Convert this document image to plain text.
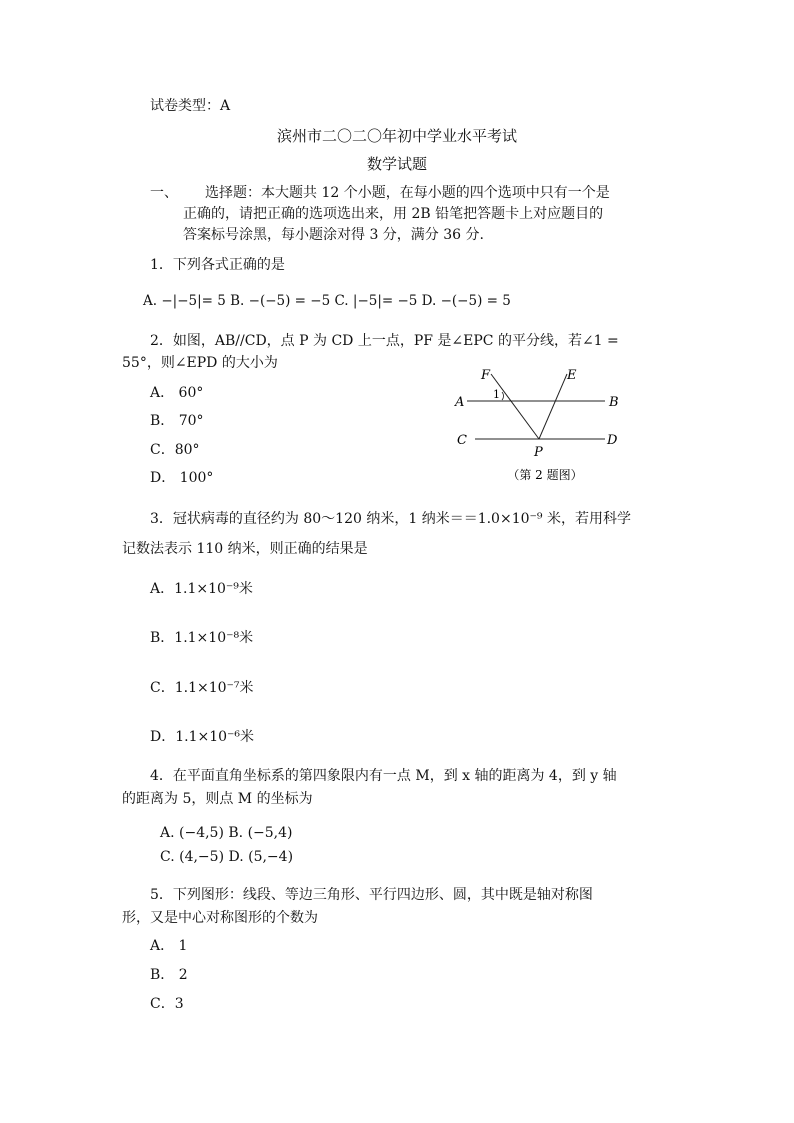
试卷类型：A
滨州市二〇二〇年初中学业水平考试
数学试题
一、 选择题：本大题共 12 个小题，在每小题的四个选项中只有一个是
正确的，请把正确的选项选出来，用 2B 铅笔把答题卡上对应题目的
答案标号涂黑，每小题涂对得 3 分，满分 36 分.
1．下列各式正确的是
A. −|−5|= 5 B. −(−5) = −5 C. |−5|= −5 D. −(−5) = 5
2．如图，AB//CD，点 P 为 CD 上一点，PF 是∠EPC 的平分线，若∠1 =
55°，则∠EPD 的大小为
A． 60°
B． 70°
C．80°
D． 100°
F	E
A	B
C	D
P
1
（第 2 题图）
3．冠状病毒的直径约为 80～120 纳米，1 纳米＝＝1.0×10⁻⁹ 米，若用科学
记数法表示 110 纳米，则正确的结果是
A．1.1×10⁻⁹米
B．1.1×10⁻⁸米
C．1.1×10⁻⁷米
D．1.1×10⁻⁶米
4．在平面直角坐标系的第四象限内有一点 M，到 x 轴的距离为 4，到 y 轴
的距离为 5，则点 M 的坐标为
A. (−4,5) B. (−5,4)
C. (4,−5) D. (5,−4)
5．下列图形：线段、等边三角形、平行四边形、圆，其中既是轴对称图
形，又是中心对称图形的个数为
A． 1
B． 2
C．3
